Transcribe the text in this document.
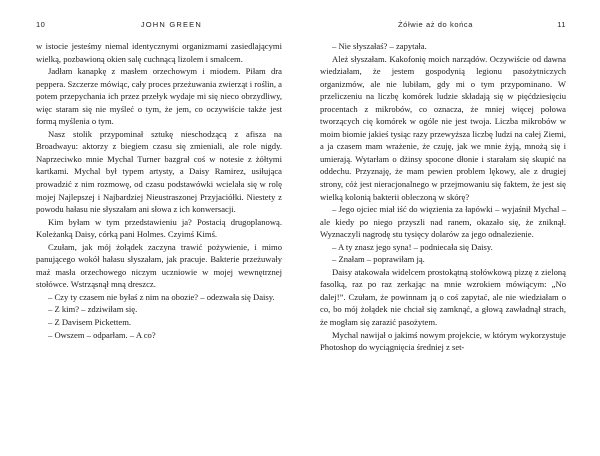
10	JOHN GREEN

w istocie jesteśmy niemal identycznymi organizmami zasiedlającymi wielką, pozbawioną okien salę cuchnącą lizolem i smalcem.

Jadłam kanapkę z masłem orzechowym i miodem. Piłam dra peppera. Szczerze mówiąc, cały proces przeżuwania zwierząt i roślin, a potem przepychania ich przez przełyk wydaje mi się nieco obrzydliwy, więc staram się nie myśleć o tym, że jem, co oczywiście także jest formą myślenia o tym.

Nasz stolik przypominał sztukę nieschodzącą z afisza na Broadwayu: aktorzy z biegiem czasu się zmieniali, ale role nigdy. Naprzeciwko mnie Mychal Turner bazgrał coś w notesie z żółtymi kartkami. Mychal był typem artysty, a Daisy Ramirez, usiłująca prowadzić z nim rozmowę, od czasu podstawówki wcielała się w rolę mojej Najlepszej i Najbardziej Nieustraszonej Przyjaciółki. Niestety z powodu hałasu nie słyszałam ani słowa z ich konwersacji.

Kim byłam w tym przedstawieniu ja? Postacią drugoplanową. Koleżanką Daisy, córką pani Holmes. Czyimś Kimś.

Czułam, jak mój żołądek zaczyna trawić pożywienie, i mimo panującego wokół hałasu słyszałam, jak pracuje. Bakterie przeżuwały maź masła orzechowego niczym uczniowie w mojej wewnętrznej stołówce. Wstrząsnął mną dreszcz.

– Czy ty czasem nie byłaś z nim na obozie? – odezwała się Daisy.

– Z kim? – zdziwiłam się.

– Z Davisem Pickettem.

– Owszem – odparłam. – A co?

Żółwie aż do końca	11

– Nie słyszałaś? – zapytała.

Ależ słyszałam. Kakofonię moich narządów. Oczywiście od dawna wiedziałam, że jestem gospodynią legionu pasożytniczych organizmów, ale nie lubiłam, gdy mi o tym przypominano. W przeliczeniu na liczbę komórek ludzie składają się w pięćdziesięciu procentach z mikrobów, co oznacza, że mniej więcej połowa tworzących cię komórek w ogóle nie jest twoja. Liczba mikrobów w moim biomie jakieś tysiąc razy przewyższa liczbę ludzi na całej Ziemi, a ja czasem mam wrażenie, że czuję, jak we mnie żyją, mnożą się i umierają. Wytarłam o dżinsy spocone dłonie i starałam się skupić na oddechu. Przyznaję, że mam pewien problem lękowy, ale z drugiej strony, cóż jest nieracjonalnego w przejmowaniu się faktem, że jest się wielką kolonią bakterii obleczoną w skórę?

– Jego ojciec miał iść do więzienia za łapówki – wyjaśnił Mychal – ale kiedy po niego przyszli nad ranem, okazało się, że zniknął. Wyznaczyli nagrodę stu tysięcy dolarów za jego odnalezienie.

– A ty znasz jego syna! – podniecała się Daisy.

– Znałam – poprawiłam ją.

Daisy atakowała widelcem prostokątną stołówkową pizzę z zieloną fasolką, raz po raz zerkając na mnie wzrokiem mówiącym: „No dalej!”. Czułam, że powinnam ją o coś zapytać, ale nie wiedziałam o co, bo mój żołądek nie chciał się zamknąć, a głową zawładnął strach, że mogłam się zarazić pasożytem.

Mychal nawijał o jakimś nowym projekcie, w którym wykorzystuje Photoshop do wyciągnięcia średniej z set-
